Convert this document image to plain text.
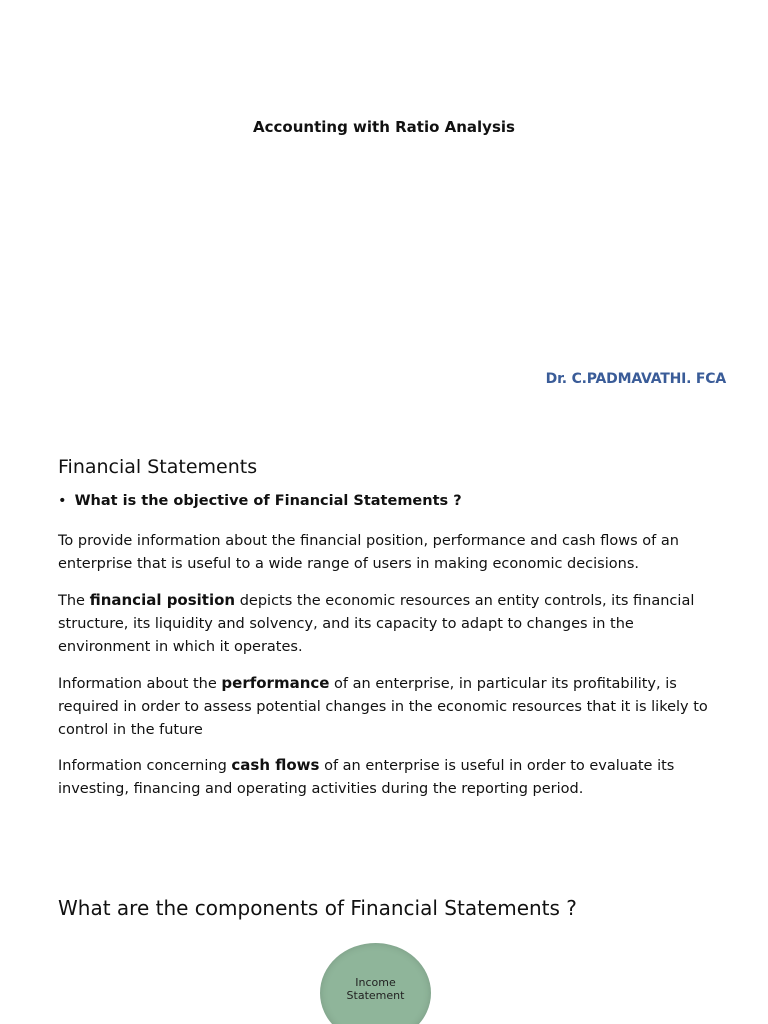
Accounting with Ratio Analysis
Dr. C.PADMAVATHI. FCA
Financial Statements
• What is the objective of Financial Statements ?
To provide information about the financial position, performance and cash flows of an enterprise that is useful to a wide range of users in making economic decisions.
The financial position depicts the economic resources an entity controls, its financial structure, its liquidity and solvency, and its capacity to adapt to changes in the environment in which it operates.
Information about the performance of an enterprise, in particular its profitability, is required in order to assess potential changes in the economic resources that it is likely to control in the future
Information concerning cash flows of an enterprise is useful in order to evaluate its investing, financing and operating activities during the reporting period.
What are the components of Financial Statements ?
Income Statement
